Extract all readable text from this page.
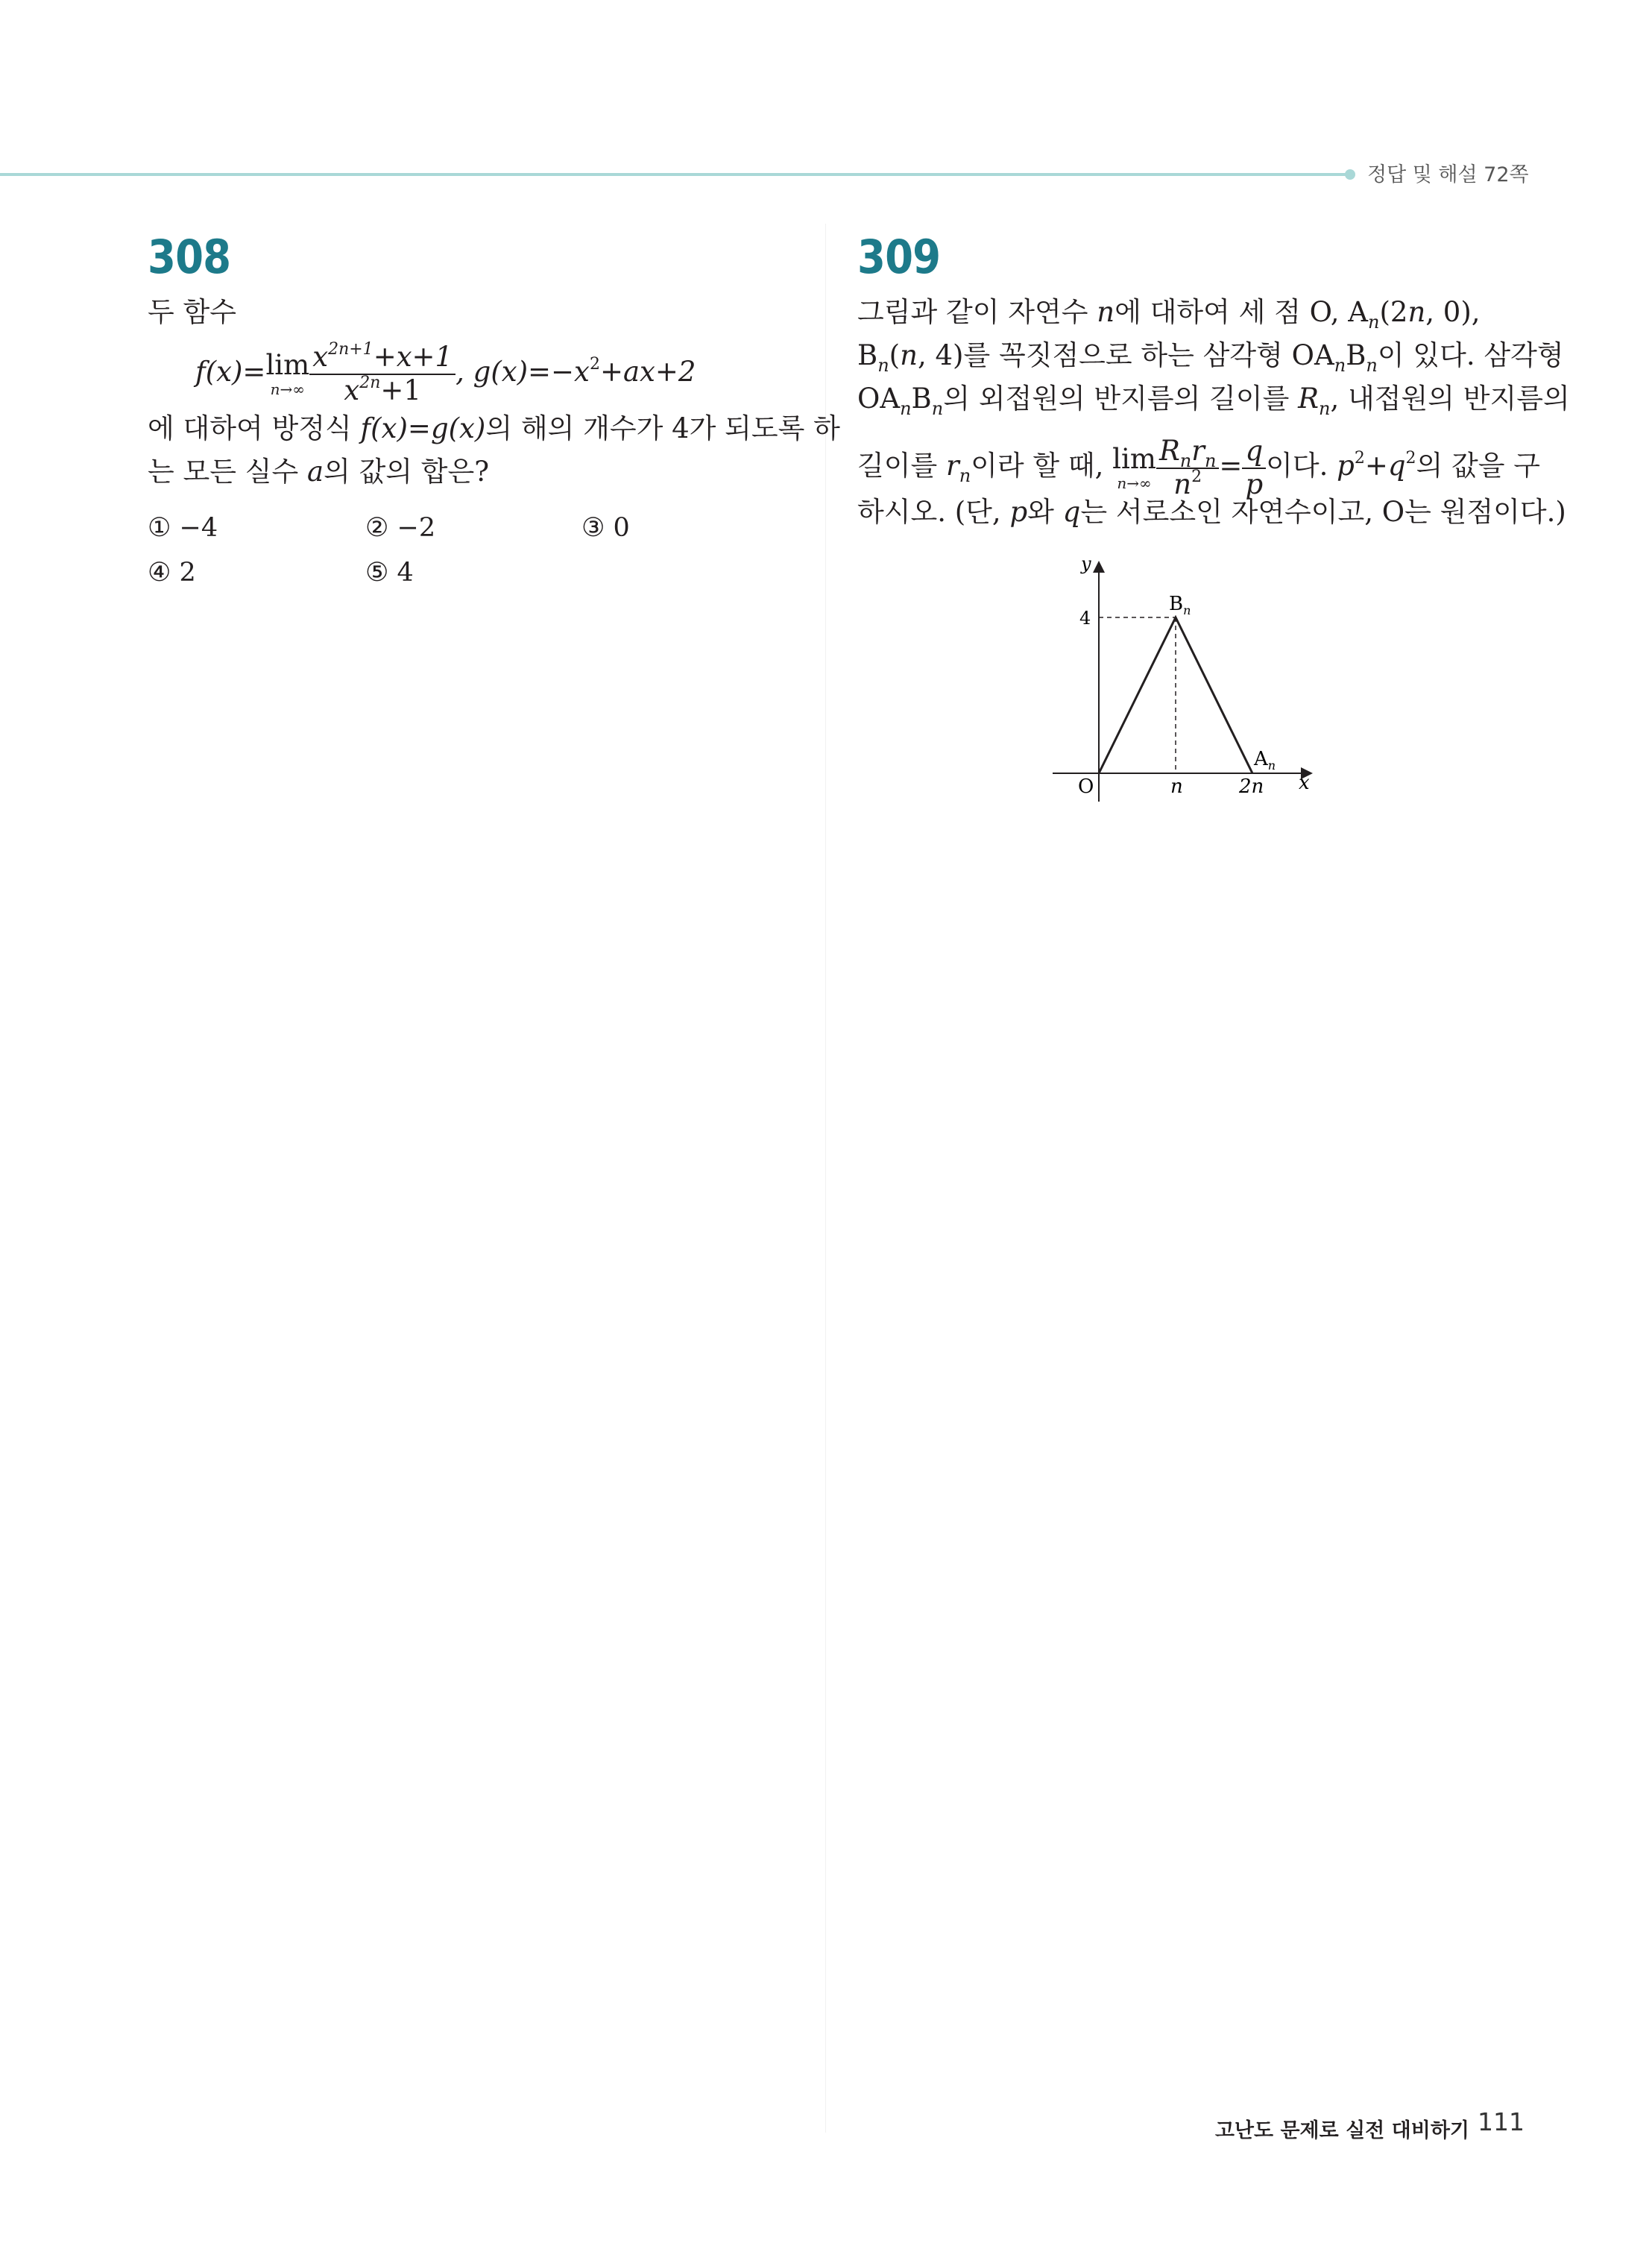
정답 및 해설 72쪽
308
두 함수
f(x)= lim
$n\to\infty \frac{x^{2n+1}+x+1}{x^{2n}+1}$ , $g(x)=-x^2+ax+2$
에 대하여 방정식 f(x)=g(x)의 해의 개수가 4가 되도록 하
는 모든 실수 a의 값의 합은?
① −4	② −2	③ 0
④ 2	⑤ 4
309
그림과 같이 자연수 n에 대하여 세 점 O, $A_n(2n$, 0),
$B_n(n$, 4)를 꼭짓점으로 하는 삼각형 $OA_nB_n$이 있다. 삼각형
$OA_nB_n$의 외접원의 반지름의 길이를 $R_n$, 내접원의 반지름의
길이를 $r_n$이라 할 때, lim
$n\to\infty \frac{R_nr_n}{n^2} = \frac{q}{p}$ 이다. $p^2+q^2$의 값을 구
하시오. (단, p와 q는 서로소인 자연수이고, O는 원점이다.)
y
x
O
4
n	2n
$B_n$
$A_n$
고난도 문제로 실전 대비하기 111
